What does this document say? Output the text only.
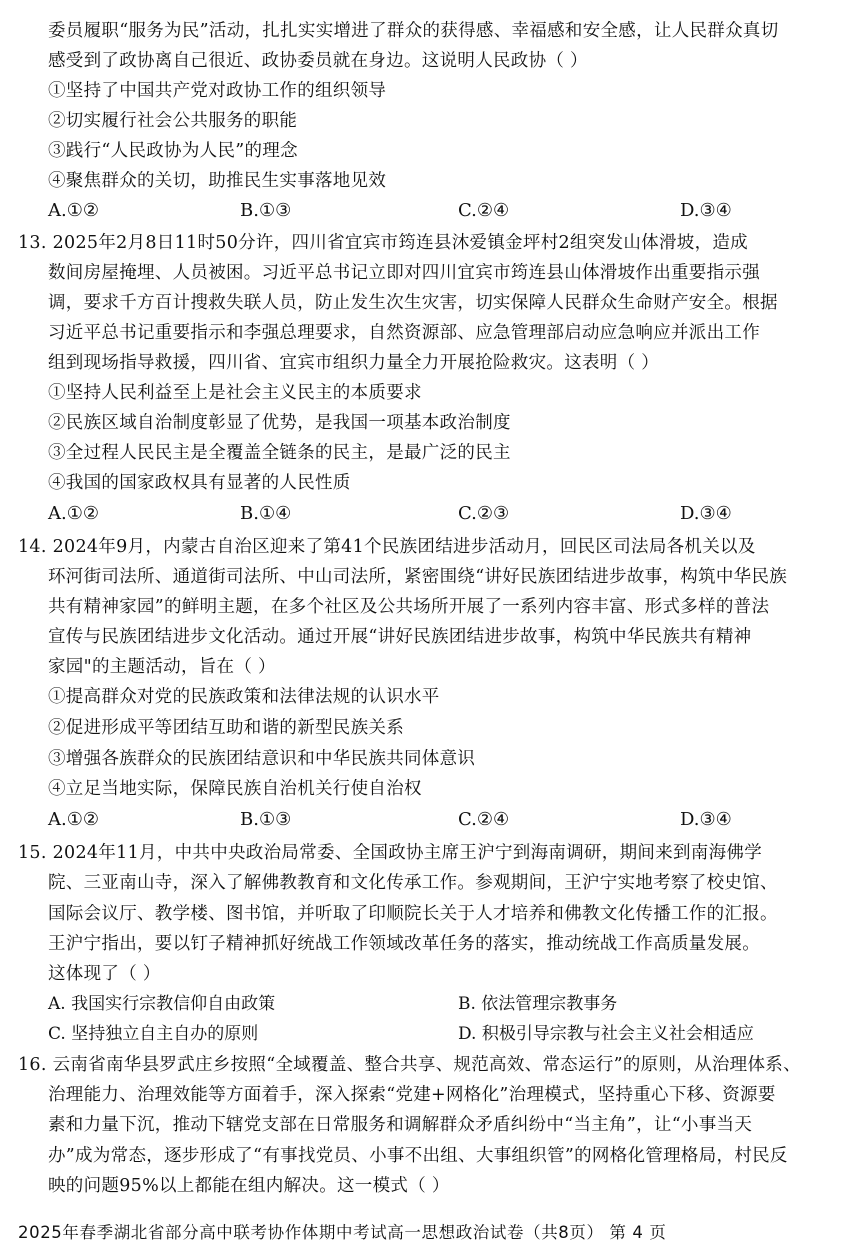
委员履职“服务为民”活动，扎扎实实增进了群众的获得感、幸福感和安全感，让人民群众真切
感受到了政协离自己很近、政协委员就在身边。这说明人民政协（ ）
①坚持了中国共产党对政协工作的组织领导
②切实履行社会公共服务的职能
③践行“人民政协为人民”的理念
④聚焦群众的关切，助推民生实事落地见效
A.①②	B.①③	C.②④	D.③④
13. 2025年2月8日11时50分许，四川省宜宾市筠连县沐爱镇金坪村2组突发山体滑坡，造成
数间房屋掩埋、人员被困。习近平总书记立即对四川宜宾市筠连县山体滑坡作出重要指示强
调，要求千方百计搜救失联人员，防止发生次生灾害，切实保障人民群众生命财产安全。根据
习近平总书记重要指示和李强总理要求，自然资源部、应急管理部启动应急响应并派出工作
组到现场指导救援，四川省、宜宾市组织力量全力开展抢险救灾。这表明（ ）
①坚持人民利益至上是社会主义民主的本质要求
②民族区域自治制度彰显了优势，是我国一项基本政治制度
③全过程人民民主是全覆盖全链条的民主，是最广泛的民主
④我国的国家政权具有显著的人民性质
A.①②	B.①④	C.②③	D.③④
14. 2024年9月，内蒙古自治区迎来了第41个民族团结进步活动月，回民区司法局各机关以及
环河街司法所、通道街司法所、中山司法所，紧密围绕“讲好民族团结进步故事，构筑中华民族
共有精神家园”的鲜明主题，在多个社区及公共场所开展了一系列内容丰富、形式多样的普法
宣传与民族团结进步文化活动。通过开展“讲好民族团结进步故事，构筑中华民族共有精神
家园"的主题活动，旨在（ ）
①提高群众对党的民族政策和法律法规的认识水平
②促进形成平等团结互助和谐的新型民族关系
③增强各族群众的民族团结意识和中华民族共同体意识
④立足当地实际，保障民族自治机关行使自治权
A.①②	B.①③	C.②④	D.③④
15. 2024年11月，中共中央政治局常委、全国政协主席王沪宁到海南调研，期间来到南海佛学
院、三亚南山寺，深入了解佛教教育和文化传承工作。参观期间，王沪宁实地考察了校史馆、
国际会议厅、教学楼、图书馆，并听取了印顺院长关于人才培养和佛教文化传播工作的汇报。
王沪宁指出，要以钉子精神抓好统战工作领域改革任务的落实，推动统战工作高质量发展。
这体现了（ ）
A. 我国实行宗教信仰自由政策	B. 依法管理宗教事务
C. 坚持独立自主自办的原则	D. 积极引导宗教与社会主义社会相适应
16. 云南省南华县罗武庄乡按照“全域覆盖、整合共享、规范高效、常态运行”的原则，从治理体系、
治理能力、治理效能等方面着手，深入探索“党建+网格化”治理模式，坚持重心下移、资源要
素和力量下沉，推动下辖党支部在日常服务和调解群众矛盾纠纷中“当主角”，让“小事当天
办”成为常态，逐步形成了“有事找党员、小事不出组、大事组织管”的网格化管理格局，村民反
映的问题95%以上都能在组内解决。这一模式（ ）
2025年春季湖北省部分高中联考协作体期中考试高一思想政治试卷（共8页） 第 4 页
